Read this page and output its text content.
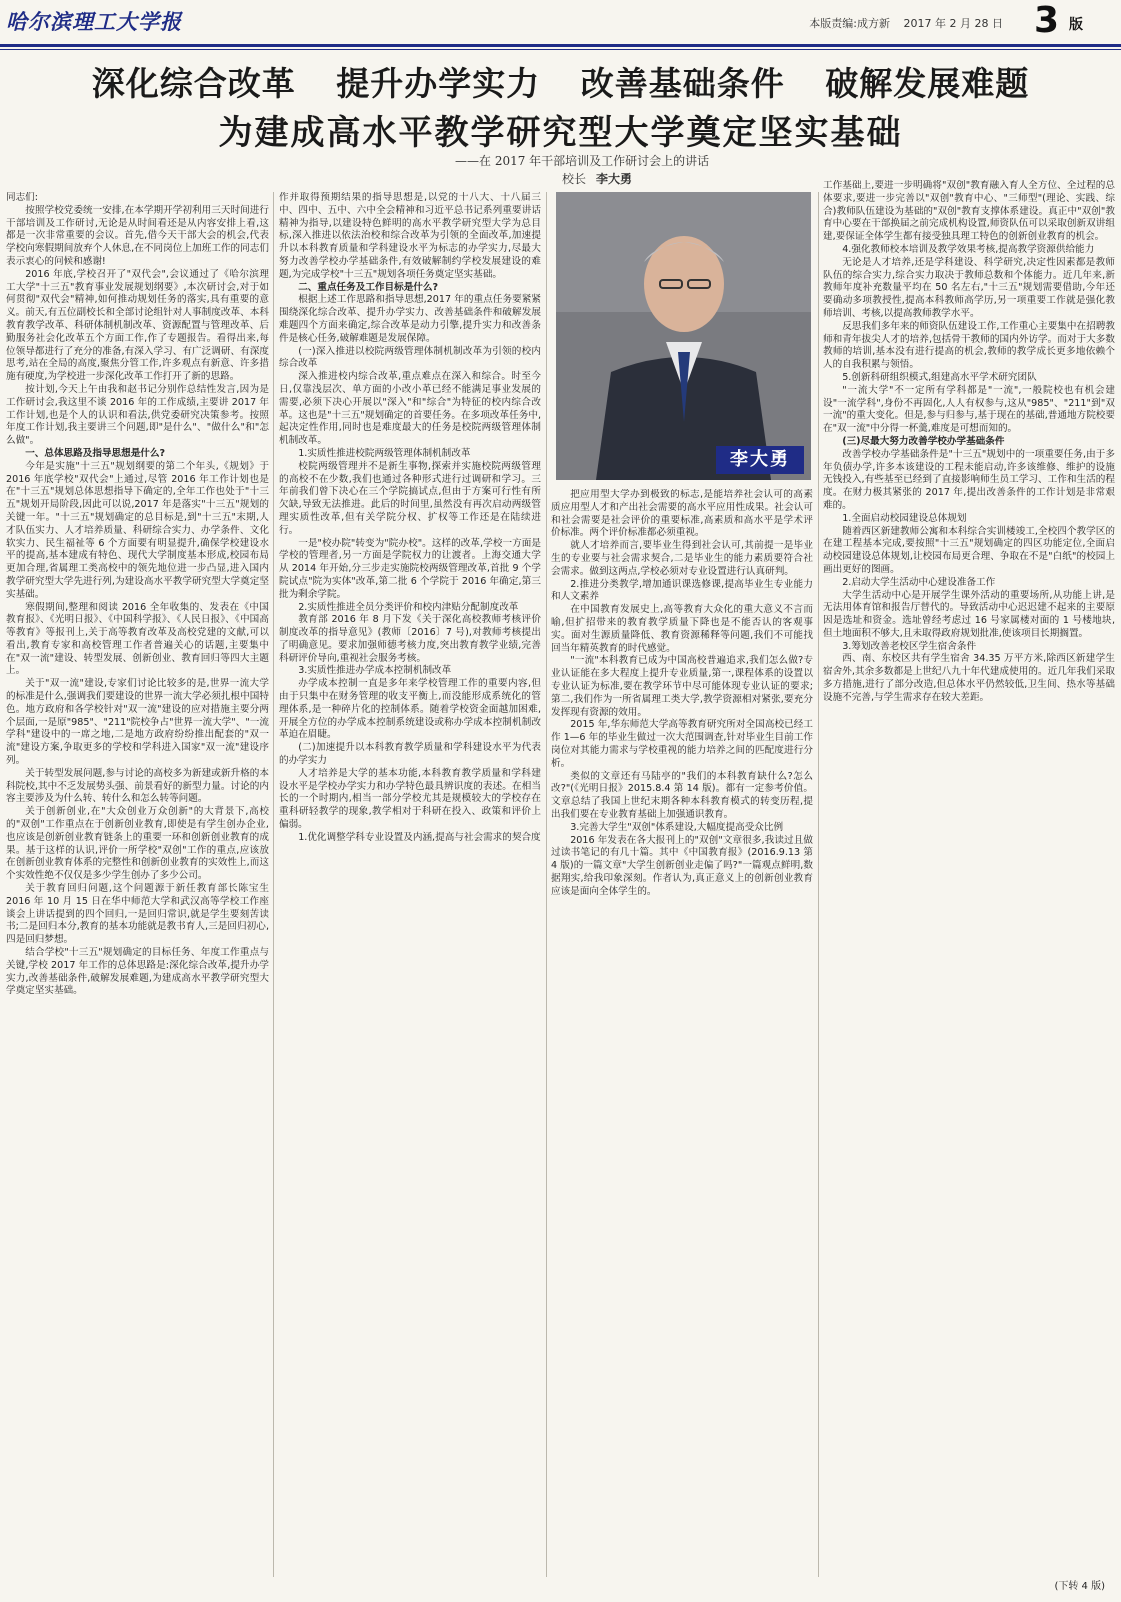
哈尔滨理工大学报	本版责编:成方新 2017 年 2 月 28 日 3 版
深化综合改革 提升办学实力 改善基础条件 破解发展难题
为建成高水平教学研究型大学奠定坚实基础
——在 2017 年干部培训及工作研讨会上的讲话
校长 李大勇

同志们:

按照学校党委统一安排,在本学期开学初利用三天时间进行干部培训及工作研讨,无论是从时间看还是从内容安排上看,这都是一次非常重要的会议。首先,借今天干部大会的机会,代表学校向寒假期间放弃个人休息,在不同岗位上加班工作的同志们表示衷心的问候和感谢!

2016 年底,学校召开了"双代会",会议通过了《哈尔滨理工大学"十三五"教育事业发展规划纲要》,本次研讨会,对于如何贯彻"双代会"精神,如何推动规划任务的落实,具有重要的意义。前天,有五位副校长和全部讨论组针对人事制度改革、本科教育教学改革、科研体制机制改革、资源配置与管理改革、后勤服务社会化改革五个方面工作,作了专题报告。看得出来,每位领导都进行了充分的准备,有深入学习、有广泛调研、有深度思考,站在全局的高度,聚焦分管工作,许多观点有新意、许多措施有硬度,为学校进一步深化改革工作打开了新的思路。

按计划,今天上午由我和赵书记分别作总结性发言,因为是工作研讨会,我这里不谈 2016 年的工作成绩,主要讲 2017 年工作计划,也是个人的认识和看法,供党委研究决策参考。按照年度工作计划,我主要讲三个问题,即"是什么"、"做什么"和"怎么做"。

一、总体思路及指导思想是什么?

今年是实施"十三五"规划纲要的第二个年头,《规划》于 2016 年底学校"双代会"上通过,尽管 2016 年工作计划也是在"十三五"规划总体思想指导下确定的,全年工作也处于"十三五"规划开局阶段,因此可以说,2017 年是落实"十三五"规划的关键一年。"十三五"规划确定的总目标是,到"十三五"末期,人才队伍实力、人才培养质量、科研综合实力、办学条件、文化软实力、民生福祉等 6 个方面要有明显提升,确保学校建设水平的提高,基本建成有特色、现代大学制度基本形成,校园布局更加合理,省属理工类高校中的领先地位进一步凸显,进入国内教学研究型大学先进行列,为建设高水平教学研究型大学奠定坚实基础。

寒假期间,整理和阅读 2016 全年收集的、发表在《中国教育报》、《光明日报》、《中国科学报》、《人民日报》、《中国高等教育》等报刊上,关于高等教育改革及高校党建的文献,可以看出,教育专家和高校管理工作者普遍关心的话题,主要集中在"双一流"建设、转型发展、创新创业、教育回归等四大主题上。

关于"双一流"建设,专家们讨论比较多的是,世界一流大学的标准是什么,强调我们要建设的世界一流大学必须扎根中国特色。地方政府和各学校针对"双一流"建设的应对措施主要分两个层面,一是原"985"、"211"院校争占"世界一流大学"、"一流学科"建设中的一席之地,二是地方政府纷纷推出配套的"双一流"建设方案,争取更多的学校和学科进入国家"双一流"建设序列。

关于转型发展问题,参与讨论的高校多为新建或新升格的本科院校,其中不乏发展势头强、前景看好的新型力量。讨论的内容主要涉及为什么转、转什么和怎么转等问题。

关于创新创业,在"大众创业万众创新"的大背景下,高校的"双创"工作重点在于创新创业教育,即使是有学生创办企业,也应该是创新创业教育链条上的重要一环和创新创业教育的成果。基于这样的认识,评价一所学校"双创"工作的重点,应该放在创新创业教育体系的完整性和创新创业教育的实效性上,而这个实效性绝不仅仅是多少学生创办了多少公司。

关于教育回归问题,这个问题源于新任教育部长陈宝生 2016 年 10 月 15 日在华中师范大学和武汉高等学校工作座谈会上讲话提到的四个回归,一是回归常识,就是学生要刻苦读书;二是回归本分,教育的基本功能就是教书育人,三是回归初心,四是回归梦想。

结合学校"十三五"规划确定的目标任务、年度工作重点与关键,学校 2017 年工作的总体思路是:深化综合改革,提升办学实力,改善基础条件,破解发展难题,为建成高水平教学研究型大学奠定坚实基础。

作并取得预期结果的指导思想是,以党的十八大、十八届三中、四中、五中、六中全会精神和习近平总书记系列重要讲话精神为指导,以建设特色鲜明的高水平教学研究型大学为总目标,深入推进以依法治校和综合改革为引领的全面改革,加速提升以本科教育质量和学科建设水平为标志的办学实力,尽最大努力改善学校办学基础条件,有效破解制约学校发展建设的难题,为完成学校"十三五"规划各项任务奠定坚实基础。

二、重点任务及工作目标是什么?

根据上述工作思路和指导思想,2017 年的重点任务要紧紧围绕深化综合改革、提升办学实力、改善基础条件和破解发展难题四个方面来确定,综合改革是动力引擎,提升实力和改善条件是核心任务,破解难题是发展保障。

(一)深入推进以校院两级管理体制机制改革为引领的校内综合改革

深入推进校内综合改革,重点难点在深入和综合。时至今日,仅靠浅层次、单方面的小改小革已经不能满足事业发展的需要,必须下决心开展以"深入"和"综合"为特征的校内综合改革。这也是"十三五"规划确定的首要任务。在多项改革任务中,起决定性作用,同时也是难度最大的任务是校院两级管理体制机制改革。

1.实质性推进校院两级管理体制机制改革

校院两级管理并不是新生事物,探索并实施校院两级管理的高校不在少数,我们也通过各种形式进行过调研和学习。三年前我们曾下决心在三个学院搞试点,但由于方案可行性有所欠缺,导致无法推进。此后的时间里,虽然没有再次启动两级管理实质性改革,但有关学院分权、扩权等工作还是在陆续进行。

一是"校办院"转变为"院办校"。这样的改革,学校一方面是学校的管理者,另一方面是学院权力的让渡者。上海交通大学从 2014 年开始,分三步走实施院校两级管理改革,首批 9 个学院试点"院为实体"改革,第二批 6 个学院于 2016 年确定,第三批为剩余学院。

2.实质性推进全员分类评价和校内津贴分配制度改革

教育部 2016 年 8 月下发《关于深化高校教师考核评价制度改革的指导意见》(教师〔2016〕7 号),对教师考核提出了明确意见。要求加强师德考核力度,突出教育教学业绩,完善科研评价导向,重视社会服务考核。

3.实质性推进办学成本控制机制改革

办学成本控制一直是多年来学校管理工作的重要内容,但由于只集中在财务管理的收支平衡上,而没能形成系统化的管理体系,是一种碎片化的控制体系。随着学校资金面越加困难,开展全方位的办学成本控制系统建设或称办学成本控制机制改革迫在眉睫。

(二)加速提升以本科教育教学质量和学科建设水平为代表的办学实力

人才培养是大学的基本功能,本科教育教学质量和学科建设水平是学校办学实力和办学特色最具辨识度的表述。在相当长的一个时期内,相当一部分学校尤其是规模较大的学校存在重科研轻教学的现象,教学相对于科研在投入、政策和评价上偏弱。

1.优化调整学科专业设置及内涵,提高与社会需求的契合度

李大勇

把应用型大学办到极致的标志,是能培养社会认可的高素质应用型人才和产出社会需要的高水平应用性成果。社会认可和社会需要是社会评价的重要标准,高素质和高水平是学术评价标准。两个评价标准都必须重视。

就人才培养而言,要毕业生得到社会认可,其前提一是毕业生的专业要与社会需求契合,二是毕业生的能力素质要符合社会需求。做到这两点,学校必须对专业设置进行认真研判。

2.推进分类教学,增加通识课选修课,提高毕业生专业能力和人文素养

在中国教育发展史上,高等教育大众化的重大意义不言而喻,但扩招带来的教育教学质量下降也是不能否认的客观事实。面对生源质量降低、教育资源稀释等问题,我们不可能找回当年精英教育的时代感觉。

"一流"本科教育已成为中国高校普遍追求,我们怎么做?专业认证能在多大程度上提升专业质量,第一,课程体系的设置以专业认证为标准,要在教学环节中尽可能体现专业认证的要求;第二,我们作为一所省属理工类大学,教学资源相对紧张,要充分发挥现有资源的效用。

2015 年,华东师范大学高等教育研究所对全国高校已经工作 1—6 年的毕业生做过一次大范围调查,针对毕业生目前工作岗位对其能力需求与学校重视的能力培养之间的匹配度进行分析。

类似的文章还有马陆亭的"我们的本科教育缺什么?怎么改?"(《光明日报》2015.8.4 第 14 版)。都有一定参考价值。文章总结了我国上世纪末期各种本科教育模式的转变历程,提出我们要在专业教育基础上加强通识教育。

3.完善大学生"双创"体系建设,大幅度提高受众比例

2016 年发表在各大报刊上的"双创"文章很多,我读过且做过读书笔记的有几十篇。其中《中国教育报》(2016.9.13 第 4 版)的一篇文章"大学生创新创业走偏了吗?"一篇观点鲜明,数据翔实,给我印象深刻。作者认为,真正意义上的创新创业教育应该是面向全体学生的。

工作基础上,要进一步明确将"双创"教育融入育人全方位、全过程的总体要求,要进一步完善以"双创"教育中心、"三师型"(理论、实践、综合)教师队伍建设为基础的"双创"教育支撑体系建设。真正中"双创"教育中心要在干部换届之前完成机构设置,师资队伍可以采取创新双讲组建,要保证全体学生都有接受独具理工特色的创新创业教育的机会。

4.强化教师校本培训及教学效果考核,提高教学资源供给能力

无论是人才培养,还是学科建设、科学研究,决定性因素都是教师队伍的综合实力,综合实力取决于教师总数和个体能力。近几年来,新教师年度补充数量平均在 50 名左右,"十三五"规划需要借助,今年还要确动多项教授性,提高本科教师高学历,另一项重要工作就是强化教师培训、考核,以提高教师教学水平。

反思我们多年来的师资队伍建设工作,工作重心主要集中在招聘教师和青年拔尖人才的培养,包括骨干教师的国内外访学。而对于大多数教师的培训,基本没有进行提高的机会,教师的教学成长更多地依赖个人的自我积累与领悟。

5.创新科研组织模式,组建高水平学术研究团队

"一流大学"不一定所有学科都是"一流",一般院校也有机会建设"一流学科",身份不再固化,人人有权参与,这从"985"、"211"到"双一流"的重大变化。但是,参与归参与,基于现在的基础,普通地方院校要在"双一流"中分得一杯羹,难度是可想而知的。

(三)尽最大努力改善学校办学基础条件

改善学校办学基础条件是"十三五"规划中的一项重要任务,由于多年负债办学,许多本该建设的工程未能启动,许多该维修、维护的设施无钱投入,有些基至已经到了直接影响师生员工学习、工作和生活的程度。在财力极其紧张的 2017 年,提出改善条件的工作计划是非常艰难的。

1.全面启动校园建设总体规划

随着西区新建教师公寓和本科综合实训楼竣工,全校四个教学区的在建工程基本完成,要按照"十三五"规划确定的四区功能定位,全面启动校园建设总体规划,让校园布局更合理、争取在不是"白纸"的校园上画出更好的图画。

2.启动大学生活动中心建设准备工作

大学生活动中心是开展学生课外活动的重要场所,从功能上讲,是无法用体育馆和报告厅替代的。导致活动中心迟迟建不起来的主要原因是选址和资金。选址曾经考虑过 16 号家属楼对面的 1 号楼地块,但土地面积不够大,且未取得政府规划批准,使该项目长期搁置。

3.筹划改善老校区学生宿舍条件

西、南、东校区共有学生宿舍 34.35 万平方米,除西区新建学生宿舍外,其余多数都是上世纪八九十年代建成使用的。近几年我们采取多方措施,进行了部分改造,但总体水平仍然较低,卫生间、热水等基础设施不完善,与学生需求存在较大差距。

(下转 4 版)
